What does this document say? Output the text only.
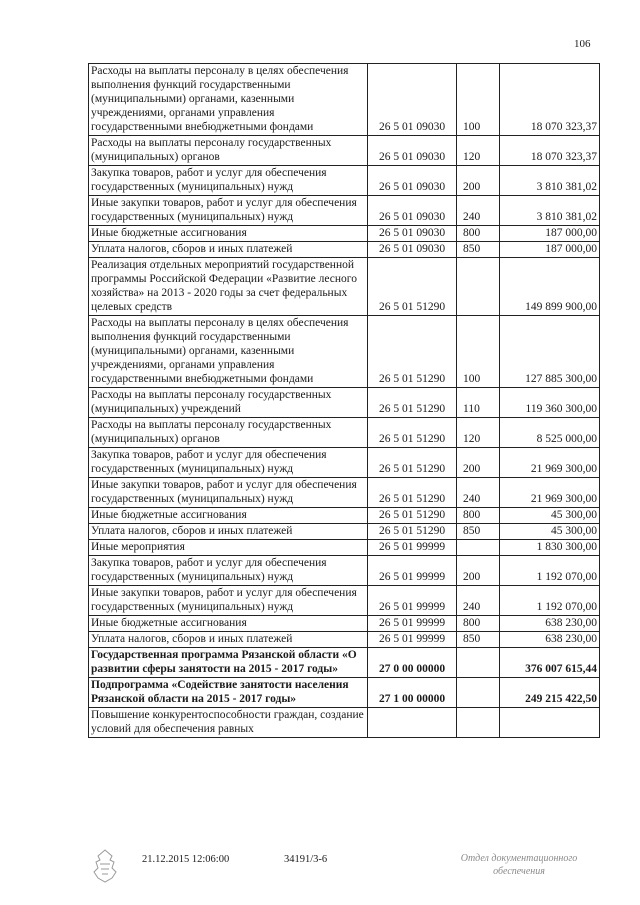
106
Расходы на выплаты персоналу в целях обеспечения выполнения функций государственными (муниципальными) органами, казенными учреждениями, органами управления государственными внебюджетными фондами	26 5 01 09030	100	18 070 323,37
Расходы на выплаты персоналу государственных (муниципальных) органов	26 5 01 09030	120	18 070 323,37
Закупка товаров, работ и услуг для обеспечения государственных (муниципальных) нужд	26 5 01 09030	200	3 810 381,02
Иные закупки товаров, работ и услуг для обеспечения государственных (муниципальных) нужд	26 5 01 09030	240	3 810 381,02
Иные бюджетные ассигнования	26 5 01 09030	800	187 000,00
Уплата налогов, сборов и иных платежей	26 5 01 09030	850	187 000,00
Реализация отдельных мероприятий государственной программы Российской Федерации «Развитие лесного хозяйства» на 2013 - 2020 годы за счет федеральных целевых средств	26 5 01 51290		149 899 900,00
Расходы на выплаты персоналу в целях обеспечения выполнения функций государственными (муниципальными) органами, казенными учреждениями, органами управления государственными внебюджетными фондами	26 5 01 51290	100	127 885 300,00
Расходы на выплаты персоналу государственных (муниципальных) учреждений	26 5 01 51290	110	119 360 300,00
Расходы на выплаты персоналу государственных (муниципальных) органов	26 5 01 51290	120	8 525 000,00
Закупка товаров, работ и услуг для обеспечения государственных (муниципальных) нужд	26 5 01 51290	200	21 969 300,00
Иные закупки товаров, работ и услуг для обеспечения государственных (муниципальных) нужд	26 5 01 51290	240	21 969 300,00
Иные бюджетные ассигнования	26 5 01 51290	800	45 300,00
Уплата налогов, сборов и иных платежей	26 5 01 51290	850	45 300,00
Иные мероприятия	26 5 01 99999		1 830 300,00
Закупка товаров, работ и услуг для обеспечения государственных (муниципальных) нужд	26 5 01 99999	200	1 192 070,00
Иные закупки товаров, работ и услуг для обеспечения государственных (муниципальных) нужд	26 5 01 99999	240	1 192 070,00
Иные бюджетные ассигнования	26 5 01 99999	800	638 230,00
Уплата налогов, сборов и иных платежей	26 5 01 99999	850	638 230,00
Государственная программа Рязанской области «О развитии сферы занятости на 2015 - 2017 годы»	27 0 00 00000		376 007 615,44
Подпрограмма «Содействие занятости населения Рязанской области на 2015 - 2017 годы»	27 1 00 00000		249 215 422,50
Повышение конкурентоспособности граждан, создание условий для обеспечения равных			
21.12.2015 12:06:00	34191/3-6	Отдел документационного
обеспечения
